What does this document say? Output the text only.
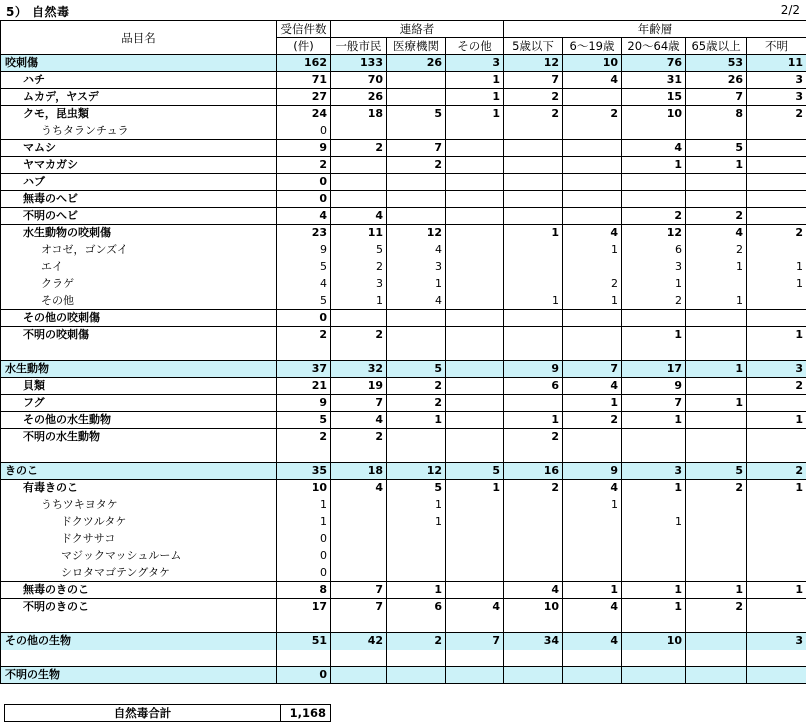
5） 自然毒	2/2
品目名	受信件数	連絡者			年齢層				
	(件)	一般市民	医療機関	その他	5歳以下	6～19歳	20～64歳	65歳以上	不明
咬刺傷	162	133	26	3	12	10	76	53	11
ハチ	71	70		1	7	4	31	26	3
ムカデ，ヤスデ	27	26		1	2		15	7	3
クモ，昆虫類	24	18	5	1	2	2	10	8	2
うちタランチュラ	0								
マムシ	9	2	7				4	5	
ヤマカガシ	2		2				1	1	
ハブ	0								
無毒のヘビ	0								
不明のヘビ	4	4					2	2	
水生動物の咬刺傷	23	11	12		1	4	12	4	2
オコゼ，ゴンズイ	9	5	4			1	6	2	
エイ	5	2	3				3	1	1
クラゲ	4	3	1			2	1		1
その他	5	1	4		1	1	2	1	
その他の咬刺傷	0								
不明の咬刺傷	2	2					1		1

水生動物	37	32	5		9	7	17	1	3
貝類	21	19	2		6	4	9		2
フグ	9	7	2			1	7	1	
その他の水生動物	5	4	1		1	2	1		1
不明の水生動物	2	2			2				

きのこ	35	18	12	5	16	9	3	5	2
有毒きのこ	10	4	5	1	2	4	1	2	1
うちツキヨタケ	1		1			1			
ドクツルタケ	1		1				1		
ドクササコ	0								
マジックマッシュルーム	0								
シロタマゴテングタケ	0								
無毒のきのこ	8	7	1		4	1	1	1	1
不明のきのこ	17	7	6	4	10	4	1	2	

その他の生物	51	42	2	7	34	4	10		3

不明の生物	0								
自然毒合計	1,168
